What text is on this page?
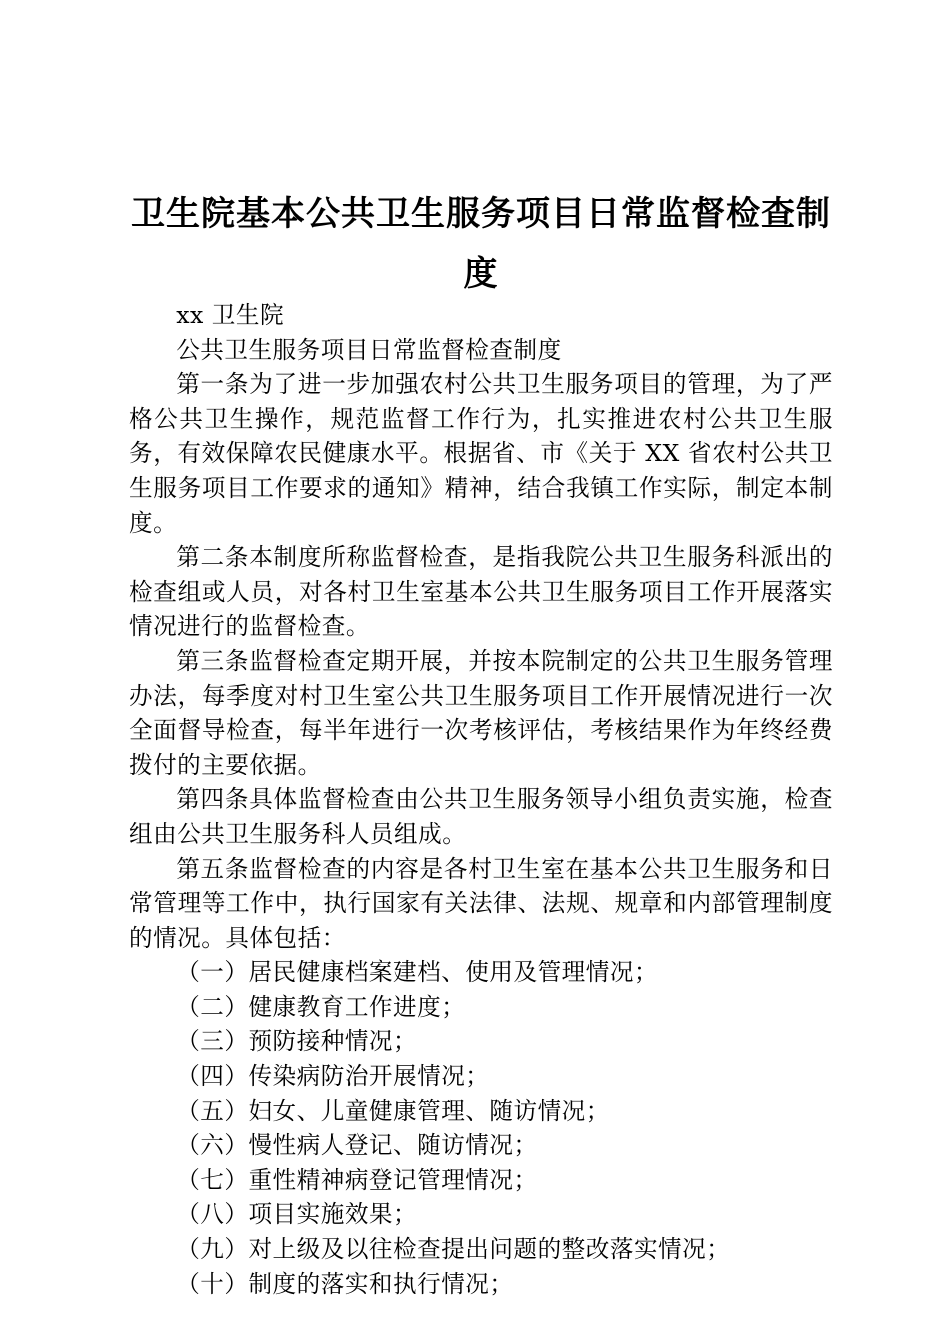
卫生院基本公共卫生服务项目日常监督检查制度

xx 卫生院

公共卫生服务项目日常监督检查制度

第一条为了进一步加强农村公共卫生服务项目的管理，为了严格公共卫生操作，规范监督工作行为，扎实推进农村公共卫生服务，有效保障农民健康水平。根据省、市《关于 XX 省农村公共卫生服务项目工作要求的通知》精神，结合我镇工作实际，制定本制度。

第二条本制度所称监督检查，是指我院公共卫生服务科派出的检查组或人员，对各村卫生室基本公共卫生服务项目工作开展落实情况进行的监督检查。

第三条监督检查定期开展，并按本院制定的公共卫生服务管理办法，每季度对村卫生室公共卫生服务项目工作开展情况进行一次全面督导检查，每半年进行一次考核评估，考核结果作为年终经费拨付的主要依据。

第四条具体监督检查由公共卫生服务领导小组负责实施，检查组由公共卫生服务科人员组成。

第五条监督检查的内容是各村卫生室在基本公共卫生服务和日常管理等工作中，执行国家有关法律、法规、规章和内部管理制度的情况。具体包括：

（一）居民健康档案建档、使用及管理情况；

（二）健康教育工作进度；

（三）预防接种情况；

（四）传染病防治开展情况；

（五）妇女、儿童健康管理、随访情况；

（六）慢性病人登记、随访情况；

（七）重性精神病登记管理情况；

（八）项目实施效果；

（九）对上级及以往检查提出问题的整改落实情况；

（十）制度的落实和执行情况；
